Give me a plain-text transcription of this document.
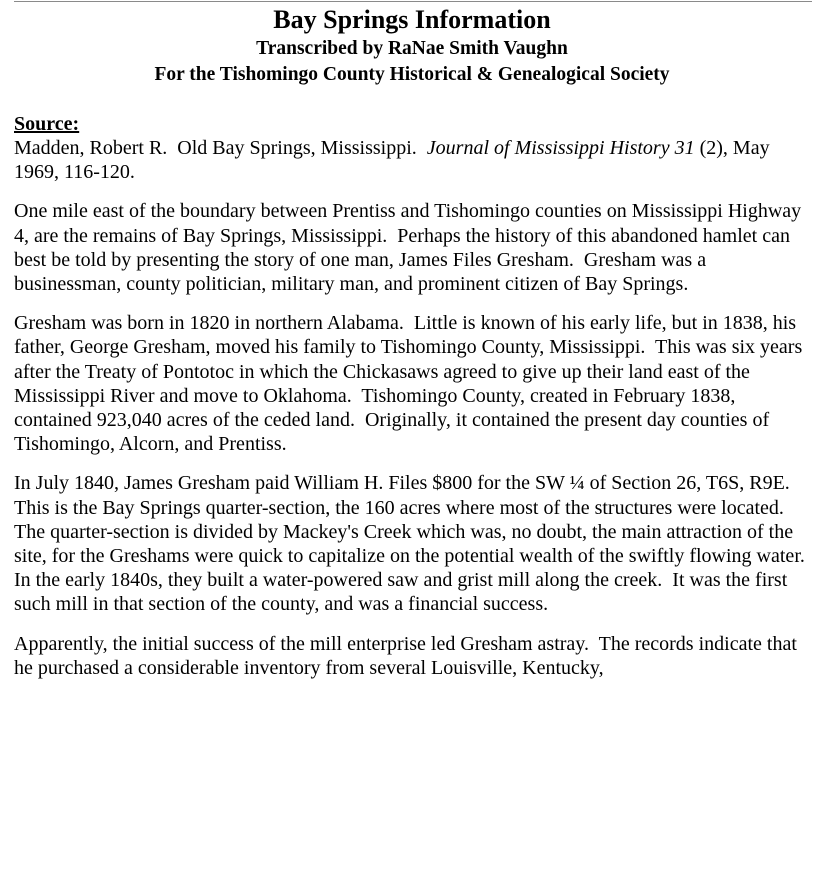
Bay Springs Information
Transcribed by RaNae Smith Vaughn
For the Tishomingo County Historical & Genealogical Society
Source:

Madden, Robert R.  Old Bay Springs, Mississippi.  Journal of Mississippi History 31 (2), May 1969, 116-120.

One mile east of the boundary between Prentiss and Tishomingo counties on Mississippi Highway 4, are the remains of Bay Springs, Mississippi.  Perhaps the history of this abandoned hamlet can best be told by presenting the story of one man, James Files Gresham.  Gresham was a businessman, county politician, military man, and prominent citizen of Bay Springs.

Gresham was born in 1820 in northern Alabama.  Little is known of his early life, but in 1838, his father, George Gresham, moved his family to Tishomingo County, Mississippi.  This was six years after the Treaty of Pontotoc in which the Chickasaws agreed to give up their land east of the Mississippi River and move to Oklahoma.  Tishomingo County, created in February 1838, contained 923,040 acres of the ceded land.  Originally, it contained the present day counties of Tishomingo, Alcorn, and Prentiss.

In July 1840, James Gresham paid William H. Files $800 for the SW ¼ of Section 26, T6S, R9E.  This is the Bay Springs quarter-section, the 160 acres where most of the structures were located.  The quarter-section is divided by Mackey's Creek which was, no doubt, the main attraction of the site, for the Greshams were quick to capitalize on the potential wealth of the swiftly flowing water.  In the early 1840s, they built a water-powered saw and grist mill along the creek.  It was the first such mill in that section of the county, and was a financial success.

Apparently, the initial success of the mill enterprise led Gresham astray.  The records indicate that he purchased a considerable inventory from several Louisville, Kentucky,
